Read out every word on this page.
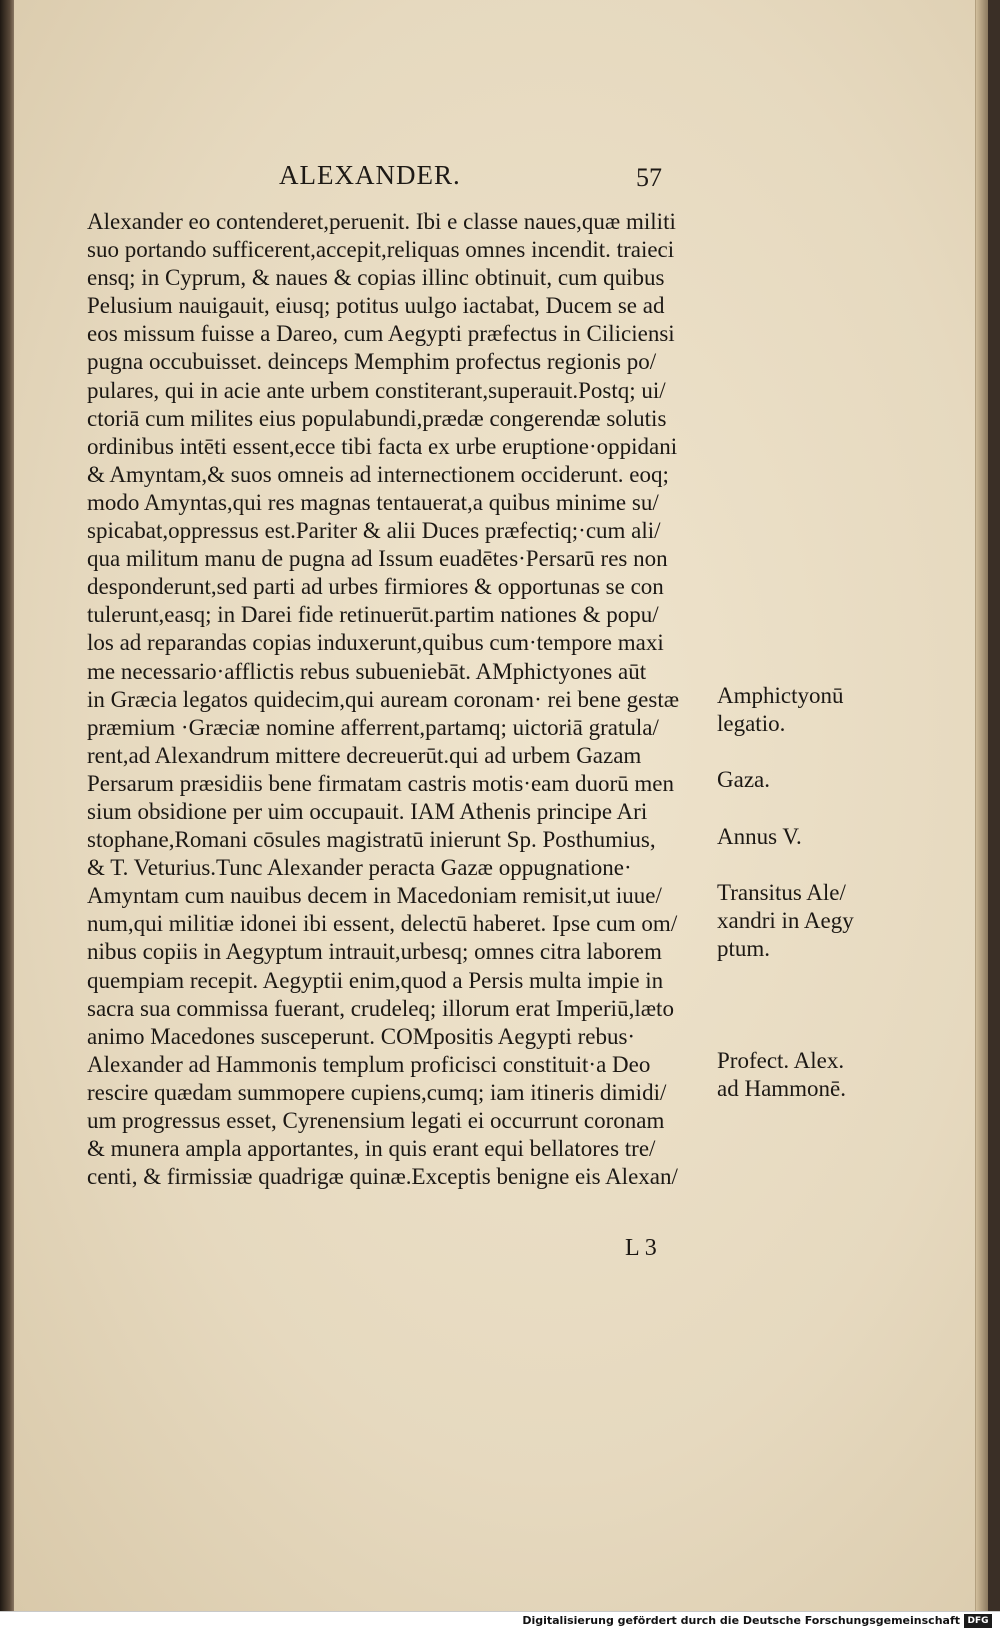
ALEXANDER.	57
Alexander eo contenderet,peruenit. Ibi e classe naues,quæ militi
suo portando sufficerent,accepit,reliquas omnes incendit. traieci
ensq; in Cyprum, & naues & copias illinc obtinuit, cum quibus
Pelusium nauigauit, eiusq; potitus uulgo iactabat, Ducem se ad
eos missum fuisse a Dareo, cum Aegypti præfectus in Ciliciensi
pugna occubuisset. deinceps Memphim profectus regionis po/
pulares, qui in acie ante urbem constiterant,superauit.Postq; ui/
ctoriā cum milites eius populabundi,prædæ congerendæ solutis
ordinibus intēti essent,ecce tibi facta ex urbe eruptione·oppidani
& Amyntam,& suos omneis ad internectionem occiderunt. eoq;
modo Amyntas,qui res magnas tentauerat,a quibus minime su/
spicabat,oppressus est.Pariter & alii Duces præfectiq;·cum ali/
qua militum manu de pugna ad Issum euadētes·Persarū res non
desponderunt,sed parti ad urbes firmiores & opportunas se con
tulerunt,easq; in Darei fide retinuerūt.partim nationes & popu/
los ad reparandas copias induxerunt,quibus cum·tempore maxi
me necessario·afflictis rebus subueniebāt. AMphictyones aūt
in Græcia legatos quidecim,qui auream coronam· rei bene gestæ
præmium ·Græciæ nomine afferrent,partamq; uictoriā gratula/
rent,ad Alexandrum mittere decreuerūt.qui ad urbem Gazam
Persarum præsidiis bene firmatam castris motis·eam duorū men
sium obsidione per uim occupauit. IAM Athenis principe Ari
stophane,Romani cōsules magistratū inierunt Sp. Posthumius,
& T. Veturius.Tunc Alexander peracta Gazæ oppugnatione·
Amyntam cum nauibus decem in Macedoniam remisit,ut iuue/
num,qui militiæ idonei ibi essent, delectū haberet. Ipse cum om/
nibus copiis in Aegyptum intrauit,urbesq; omnes citra laborem
quempiam recepit. Aegyptii enim,quod a Persis multa impie in
sacra sua commissa fuerant, crudeleq; illorum erat Imperiū,læto
animo Macedones susceperunt. COMpositis Aegypti rebus·
Alexander ad Hammonis templum proficisci constituit·a Deo
rescire quædam summopere cupiens,cumq; iam itineris dimidi/
um progressus esset, Cyrenensium legati ei occurrunt coronam
& munera ampla apportantes, in quis erant equi bellatores tre/
centi, & firmissiæ quadrigæ quinæ.Exceptis benigne eis Alexan/
Amphictyonū
legatio.
Gaza.
Annus V.
Transitus Ale/
xandri in Aegy
ptum.
Profect. Alex.
ad Hammonē.
L 3
Digitalisierung gefördert durch die Deutsche Forschungsgemeinschaft DFG
